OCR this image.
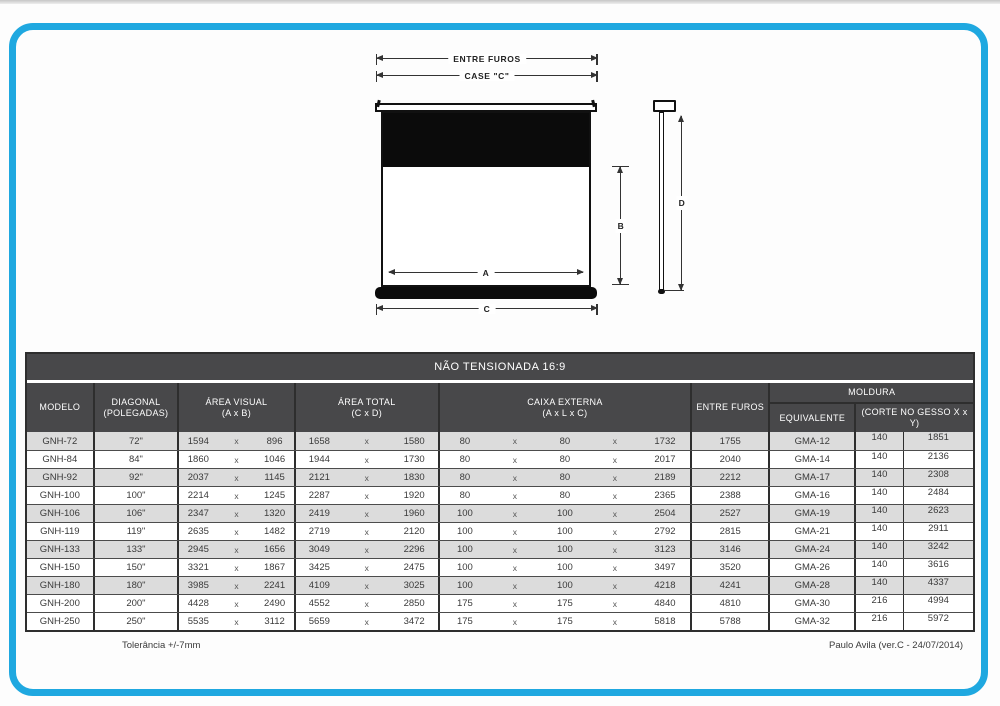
ENTRE FUROS
CASE "C"
A
C
B
D
NÃO TENSIONADA 16:9
MODELO
DIAGONAL
(POLEGADAS)
ÁREA VISUAL
(A x B)
ÁREA TOTAL
(C x D)
CAIXA EXTERNA
(A x L x C)
ENTRE FUROS
MOLDURA
EQUIVALENTE
(CORTE NO GESSO X x Y)
GNH-72	72"	1594	x	896	1658	x	1580	80	x	80	x	1732	1755	GMA-12	140	1851
GNH-84	84"	1860	x	1046	1944	x	1730	80	x	80	x	2017	2040	GMA-14	140	2136
GNH-92	92"	2037	x	1145	2121	x	1830	80	x	80	x	2189	2212	GMA-17	140	2308
GNH-100	100"	2214	x	1245	2287	x	1920	80	x	80	x	2365	2388	GMA-16	140	2484
GNH-106	106"	2347	x	1320	2419	x	1960	100	x	100	x	2504	2527	GMA-19	140	2623
GNH-119	119"	2635	x	1482	2719	x	2120	100	x	100	x	2792	2815	GMA-21	140	2911
GNH-133	133"	2945	x	1656	3049	x	2296	100	x	100	x	3123	3146	GMA-24	140	3242
GNH-150	150"	3321	x	1867	3425	x	2475	100	x	100	x	3497	3520	GMA-26	140	3616
GNH-180	180"	3985	x	2241	4109	x	3025	100	x	100	x	4218	4241	GMA-28	140	4337
GNH-200	200"	4428	x	2490	4552	x	2850	175	x	175	x	4840	4810	GMA-30	216	4994
GNH-250	250"	5535	x	3112	5659	x	3472	175	x	175	x	5818	5788	GMA-32	216	5972
Tolerância +/-7mm	Paulo Avila (ver.C - 24/07/2014)
